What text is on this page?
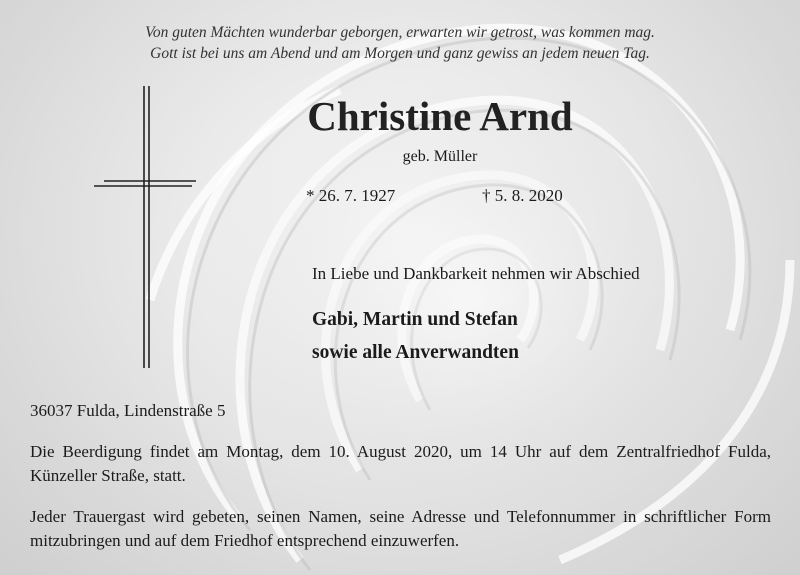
Von guten Mächten wunderbar geborgen, erwarten wir getrost, was kommen mag.
Gott ist bei uns am Abend und am Morgen und ganz gewiss an jedem neuen Tag.
Christine Arnd
geb. Müller
* 26. 7. 1927	† 5. 8. 2020
In Liebe und Dankbarkeit nehmen wir Abschied
Gabi, Martin und Stefan
sowie alle Anverwandten
36037 Fulda, Lindenstraße 5
Die Beerdigung findet am Montag, dem 10. August 2020, um 14 Uhr auf dem Zentralfriedhof Fulda, Künzeller Straße, statt.
Jeder Trauergast wird gebeten, seinen Namen, seine Adresse und Telefonnummer in schriftlicher Form mitzubringen und auf dem Friedhof entsprechend einzuwerfen.
